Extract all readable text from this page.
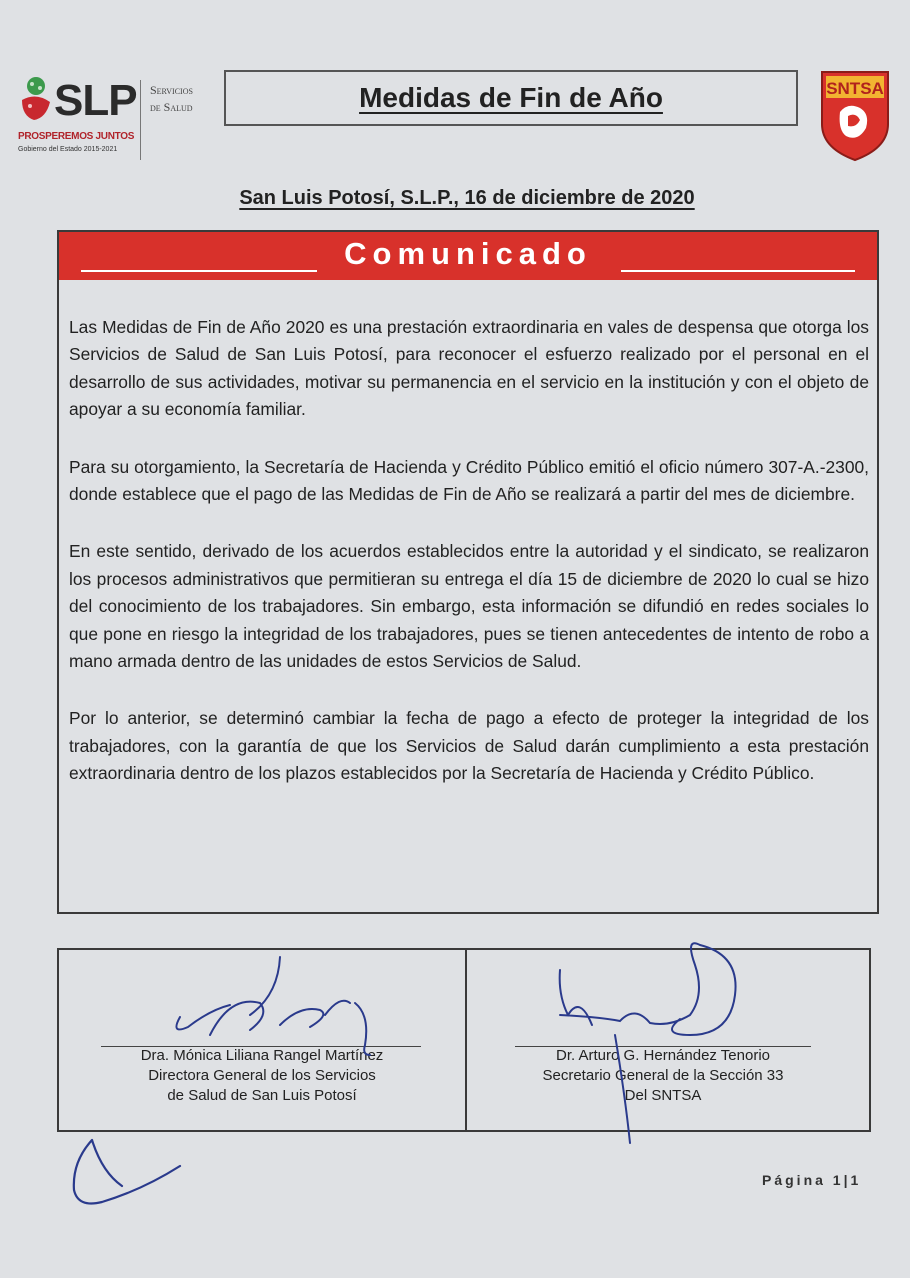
SLP
PROSPEREMOS JUNTOS
Gobierno del Estado 2015-2021
Servicios
de Salud	Medidas de Fin de Año	SNTSA
San Luis Potosí, S.L.P., 16 de diciembre de 2020
Comunicado

Las Medidas de Fin de Año 2020 es una prestación extraordinaria en vales de despensa que otorga los Servicios de Salud de San Luis Potosí, para reconocer el esfuerzo realizado por el personal en el desarrollo de sus actividades, motivar su permanencia en el servicio en la institución y con el objeto de apoyar a su economía familiar.

Para su otorgamiento, la Secretaría de Hacienda y Crédito Público emitió el oficio número 307-A.-2300, donde establece que el pago de las Medidas de Fin de Año se realizará a partir del mes de diciembre.

En este sentido, derivado de los acuerdos establecidos entre la autoridad y el sindicato, se realizaron los procesos administrativos que permitieran su entrega el día 15 de diciembre de 2020 lo cual se hizo del conocimiento de los trabajadores. Sin embargo, esta información se difundió en redes sociales lo que pone en riesgo la integridad de los trabajadores, pues se tienen antecedentes de intento de robo a mano armada dentro de las unidades de estos Servicios de Salud.

Por lo anterior, se determinó cambiar la fecha de pago a efecto de proteger la integridad de los trabajadores, con la garantía de que los Servicios de Salud darán cumplimiento a esta prestación extraordinaria dentro de los plazos establecidos por la Secretaría de Hacienda y Crédito Público.

Dra. Mónica Liliana Rangel Martínez
Directora General de los Servicios
de Salud de San Luis Potosí
Dr. Arturo G. Hernández Tenorio
Secretario General de la Sección 33
Del SNTSA
Página 1|1
